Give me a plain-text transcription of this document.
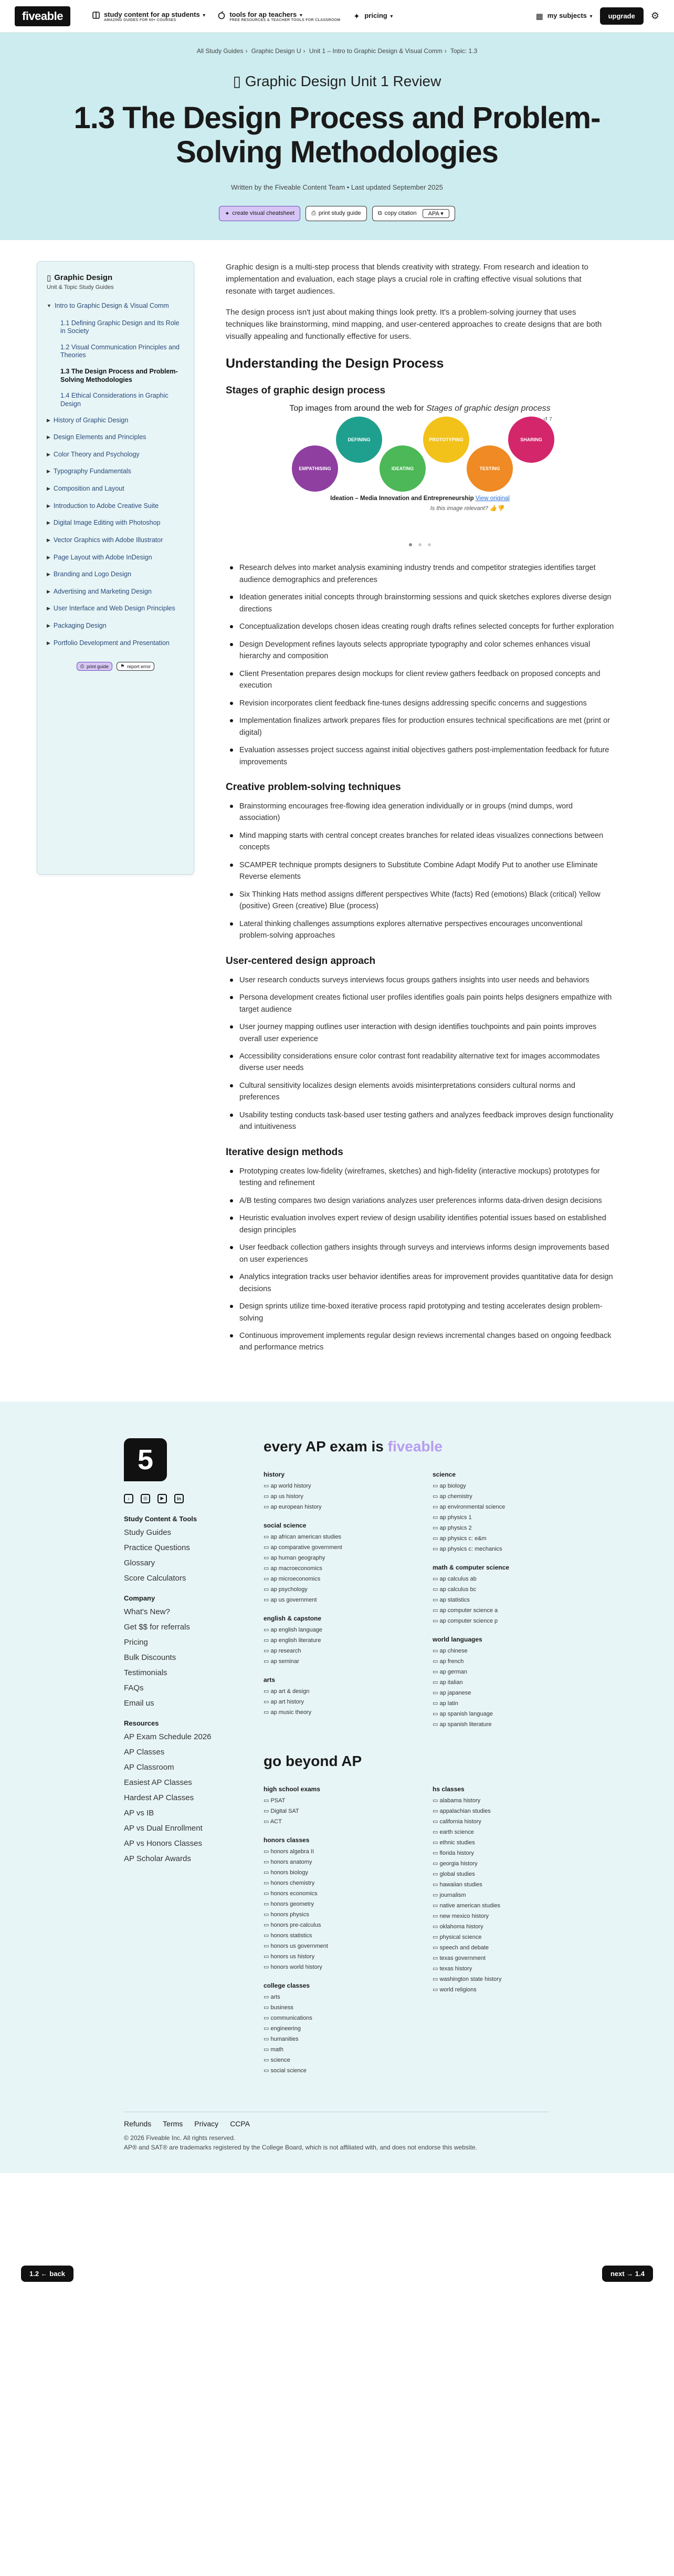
fiveable	study content for ap students ▾
AMAZING GUIDES FOR 60+ COURSES
tools for ap teachers ▾
FREE RESOURCES & TEACHER TOOLS FOR CLASSROOM ✦ pricing ▾	▦ my subjects ▾	upgrade	⚙
All Study Guides › Graphic Design U › Unit 1 – Intro to Graphic Design & Visual Comm › Topic: 1.3
▯ Graphic Design Unit 1 Review
1.3 The Design Process and Problem-Solving Methodologies
Written by the Fiveable Content Team • Last updated September 2025
✦ create visual cheatsheet	⎙ print study guide	⧉ copy citation	APA ▾
▯ Graphic Design
Unit & Topic Study Guides
▼ Intro to Graphic Design & Visual Comm
1.1 Defining Graphic Design and Its Role in Society
1.2 Visual Communication Principles and Theories
1.3 The Design Process and Problem-Solving Methodologies
1.4 Ethical Considerations in Graphic Design
▶ History of Graphic Design
▶ Design Elements and Principles
▶ Color Theory and Psychology
▶ Typography Fundamentals
▶ Composition and Layout
▶ Introduction to Adobe Creative Suite
▶ Digital Image Editing with Photoshop
▶ Vector Graphics with Adobe Illustrator
▶ Page Layout with Adobe InDesign
▶ Branding and Logo Design
▶ Advertising and Marketing Design
▶ User Interface and Web Design Principles
▶ Packaging Design
▶ Portfolio Development and Presentation
⎙ print guide ⚑ report error

Graphic design is a multi-step process that blends creativity with strategy. From research and ideation to implementation and evaluation, each stage plays a crucial role in crafting effective visual solutions that resonate with target audiences.

The design process isn't just about making things look pretty. It's a problem-solving journey that uses techniques like brainstorming, mind mapping, and user-centered approaches to create designs that are both visually appealing and functionally effective for users.

Understanding the Design Process
Stages of graphic design process
Top images from around the web for Stages of graphic design process
↺ 7
EMPATHISING
DEFINING
IDEATING
PROTOTYPING
TESTING
SHARING
Ideation – Media Innovation and Entrepreneurship View original
Is this image relevant? 👍👎
Research delves into market analysis examining industry trends and competitor strategies identifies target audience demographics and preferences
Ideation generates initial concepts through brainstorming sessions and quick sketches explores diverse design directions
Conceptualization develops chosen ideas creating rough drafts refines selected concepts for further exploration
Design Development refines layouts selects appropriate typography and color schemes enhances visual hierarchy and composition
Client Presentation prepares design mockups for client review gathers feedback on proposed concepts and execution
Revision incorporates client feedback fine-tunes designs addressing specific concerns and suggestions
Implementation finalizes artwork prepares files for production ensures technical specifications are met (print or digital)
Evaluation assesses project success against initial objectives gathers post-implementation feedback for future improvements
Creative problem-solving techniques
Brainstorming encourages free-flowing idea generation individually or in groups (mind dumps, word association)
Mind mapping starts with central concept creates branches for related ideas visualizes connections between concepts
SCAMPER technique prompts designers to Substitute Combine Adapt Modify Put to another use Eliminate Reverse elements
Six Thinking Hats method assigns different perspectives White (facts) Red (emotions) Black (critical) Yellow (positive) Green (creative) Blue (process)
Lateral thinking challenges assumptions explores alternative perspectives encourages unconventional problem-solving approaches
User-centered design approach
User research conducts surveys interviews focus groups gathers insights into user needs and behaviors
Persona development creates fictional user profiles identifies goals pain points helps designers empathize with target audience
User journey mapping outlines user interaction with design identifies touchpoints and pain points improves overall user experience
Accessibility considerations ensure color contrast font readability alternative text for images accommodates diverse user needs
Cultural sensitivity localizes design elements avoids misinterpretations considers cultural norms and preferences
Usability testing conducts task-based user testing gathers and analyzes feedback improves design functionality and intuitiveness
Iterative design methods
Prototyping creates low-fidelity (wireframes, sketches) and high-fidelity (interactive mockups) prototypes for testing and refinement
A/B testing compares two design variations analyzes user preferences informs data-driven design decisions
Heuristic evaluation involves expert review of design usability identifies potential issues based on established design principles
User feedback collection gathers insights through surveys and interviews informs design improvements based on user experiences
Analytics integration tracks user behavior identifies areas for improvement provides quantitative data for design decisions
Design sprints utilize time-boxed iterative process rapid prototyping and testing accelerates design problem-solving
Continuous improvement implements regular design reviews incremental changes based on ongoing feedback and performance metrics
1.2 ← back	next → 1.4
5
♪	◎	▶	in
Study Content & Tools
Study Guides
Practice Questions
Glossary
Score Calculators
Company
What's New?
Get $$ for referrals
Pricing
Bulk Discounts
Testimonials
FAQs
Email us
Resources
AP Exam Schedule 2026
AP Classes
AP Classroom
Easiest AP Classes
Hardest AP Classes
AP vs IB
AP vs Dual Enrollment
AP vs Honors Classes
AP Scholar Awards
every AP exam is fiveable
history
▭ ap world history
▭ ap us history
▭ ap european history
social science
▭ ap african american studies
▭ ap comparative government
▭ ap human geography
▭ ap macroeconomics
▭ ap microeconomics
▭ ap psychology
▭ ap us government
english & capstone
▭ ap english language
▭ ap english literature
▭ ap research
▭ ap seminar
arts
▭ ap art & design
▭ ap art history
▭ ap music theory
science
▭ ap biology
▭ ap chemistry
▭ ap environmental science
▭ ap physics 1
▭ ap physics 2
▭ ap physics c: e&m
▭ ap physics c: mechanics
math & computer science
▭ ap calculus ab
▭ ap calculus bc
▭ ap statistics
▭ ap computer science a
▭ ap computer science p
world languages
▭ ap chinese
▭ ap french
▭ ap german
▭ ap italian
▭ ap japanese
▭ ap latin
▭ ap spanish language
▭ ap spanish literature
go beyond AP
high school exams
▭ PSAT
▭ Digital SAT
▭ ACT
honors classes
▭ honors algebra II
▭ honors anatomy
▭ honors biology
▭ honors chemistry
▭ honors economics
▭ honors geometry
▭ honors physics
▭ honors pre-calculus
▭ honors statistics
▭ honors us government
▭ honors us history
▭ honors world history
college classes
▭ arts
▭ business
▭ communications
▭ engineering
▭ humanities
▭ math
▭ science
▭ social science
hs classes
▭ alabama history
▭ appalachian studies
▭ california history
▭ earth science
▭ ethnic studies
▭ florida history
▭ georgia history
▭ global studies
▭ hawaiian studies
▭ journalism
▭ native american studies
▭ new mexico history
▭ oklahoma history
▭ physical science
▭ speech and debate
▭ texas government
▭ texas history
▭ washington state history
▭ world religions
Refunds Terms Privacy CCPA
© 2026 Fiveable Inc. All rights reserved.
AP® and SAT® are trademarks registered by the College Board, which is not affiliated with, and does not endorse this website.
